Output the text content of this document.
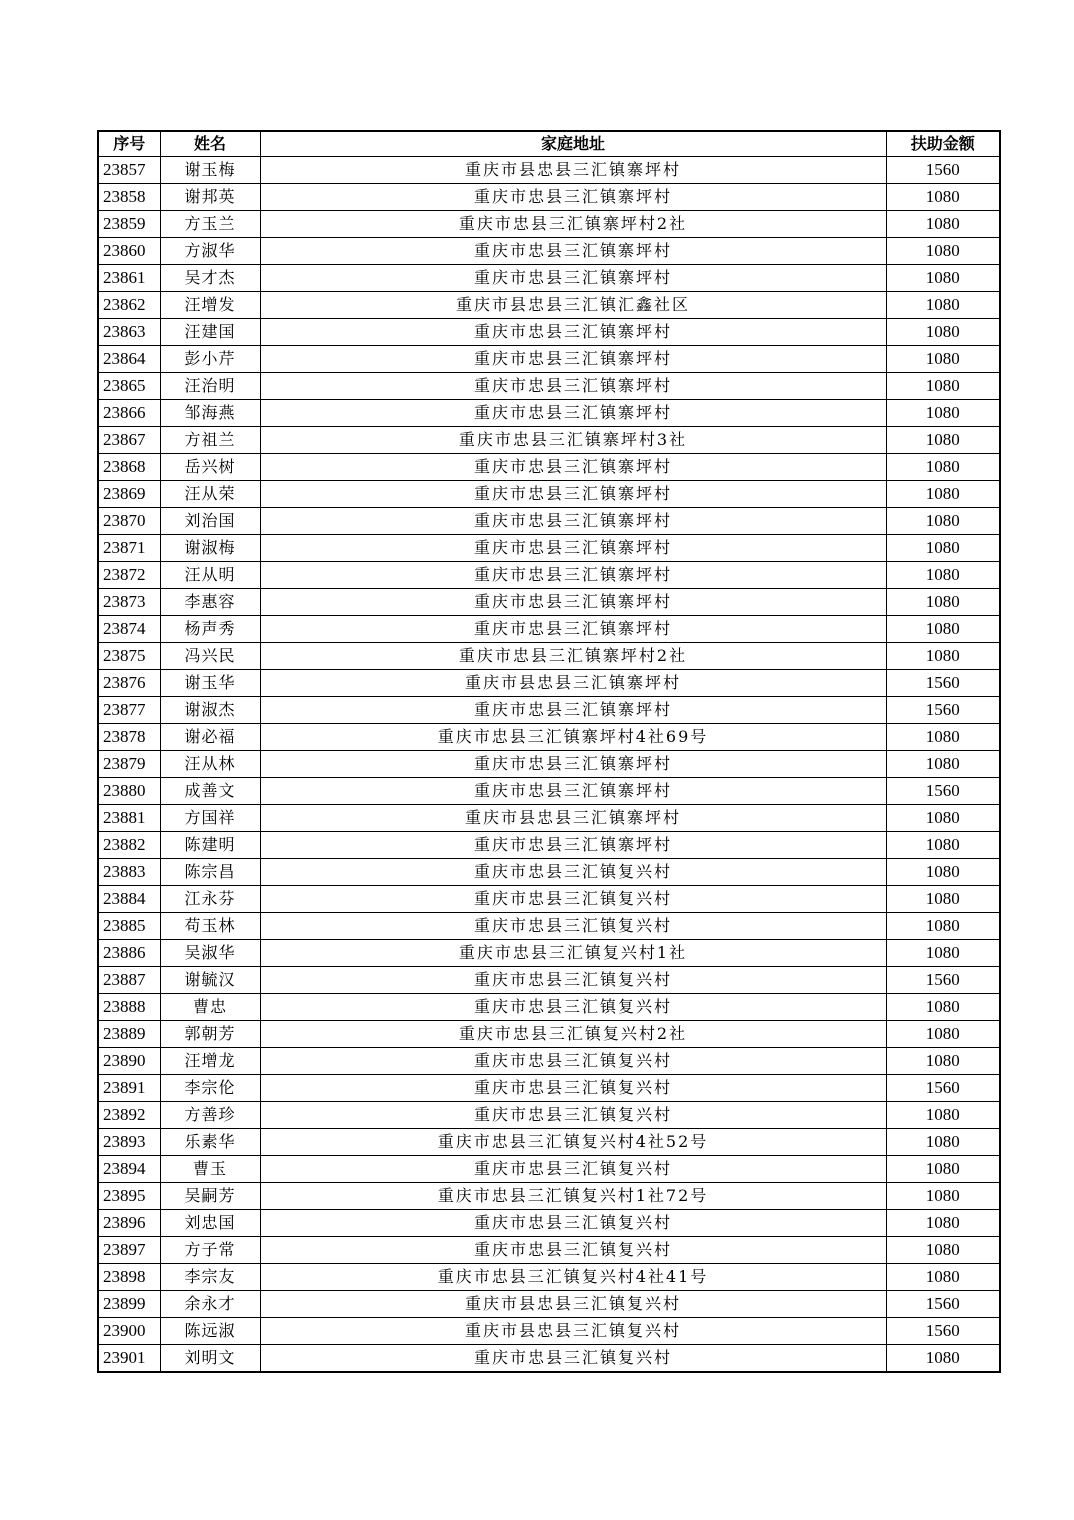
序号	姓名	家庭地址	扶助金额
23857	谢玉梅	重庆市县忠县三汇镇寨坪村	1560
23858	谢邦英	重庆市忠县三汇镇寨坪村	1080
23859	方玉兰	重庆市忠县三汇镇寨坪村2社	1080
23860	方淑华	重庆市忠县三汇镇寨坪村	1080
23861	吴才杰	重庆市忠县三汇镇寨坪村	1080
23862	汪增发	重庆市县忠县三汇镇汇鑫社区	1080
23863	汪建国	重庆市忠县三汇镇寨坪村	1080
23864	彭小芹	重庆市忠县三汇镇寨坪村	1080
23865	汪治明	重庆市忠县三汇镇寨坪村	1080
23866	邹海燕	重庆市忠县三汇镇寨坪村	1080
23867	方祖兰	重庆市忠县三汇镇寨坪村3社	1080
23868	岳兴树	重庆市忠县三汇镇寨坪村	1080
23869	汪从荣	重庆市忠县三汇镇寨坪村	1080
23870	刘治国	重庆市忠县三汇镇寨坪村	1080
23871	谢淑梅	重庆市忠县三汇镇寨坪村	1080
23872	汪从明	重庆市忠县三汇镇寨坪村	1080
23873	李惠容	重庆市忠县三汇镇寨坪村	1080
23874	杨声秀	重庆市忠县三汇镇寨坪村	1080
23875	冯兴民	重庆市忠县三汇镇寨坪村2社	1080
23876	谢玉华	重庆市县忠县三汇镇寨坪村	1560
23877	谢淑杰	重庆市忠县三汇镇寨坪村	1560
23878	谢必福	重庆市忠县三汇镇寨坪村4社69号	1080
23879	汪从林	重庆市忠县三汇镇寨坪村	1080
23880	成善文	重庆市忠县三汇镇寨坪村	1560
23881	方国祥	重庆市县忠县三汇镇寨坪村	1080
23882	陈建明	重庆市忠县三汇镇寨坪村	1080
23883	陈宗昌	重庆市忠县三汇镇复兴村	1080
23884	江永芬	重庆市忠县三汇镇复兴村	1080
23885	苟玉林	重庆市忠县三汇镇复兴村	1080
23886	吴淑华	重庆市忠县三汇镇复兴村1社	1080
23887	谢毓汉	重庆市忠县三汇镇复兴村	1560
23888	曹忠	重庆市忠县三汇镇复兴村	1080
23889	郭朝芳	重庆市忠县三汇镇复兴村2社	1080
23890	汪增龙	重庆市忠县三汇镇复兴村	1080
23891	李宗伦	重庆市忠县三汇镇复兴村	1560
23892	方善珍	重庆市忠县三汇镇复兴村	1080
23893	乐素华	重庆市忠县三汇镇复兴村4社52号	1080
23894	曹玉	重庆市忠县三汇镇复兴村	1080
23895	吴嗣芳	重庆市忠县三汇镇复兴村1社72号	1080
23896	刘忠国	重庆市忠县三汇镇复兴村	1080
23897	方子常	重庆市忠县三汇镇复兴村	1080
23898	李宗友	重庆市忠县三汇镇复兴村4社41号	1080
23899	余永才	重庆市县忠县三汇镇复兴村	1560
23900	陈远淑	重庆市县忠县三汇镇复兴村	1560
23901	刘明文	重庆市忠县三汇镇复兴村	1080
